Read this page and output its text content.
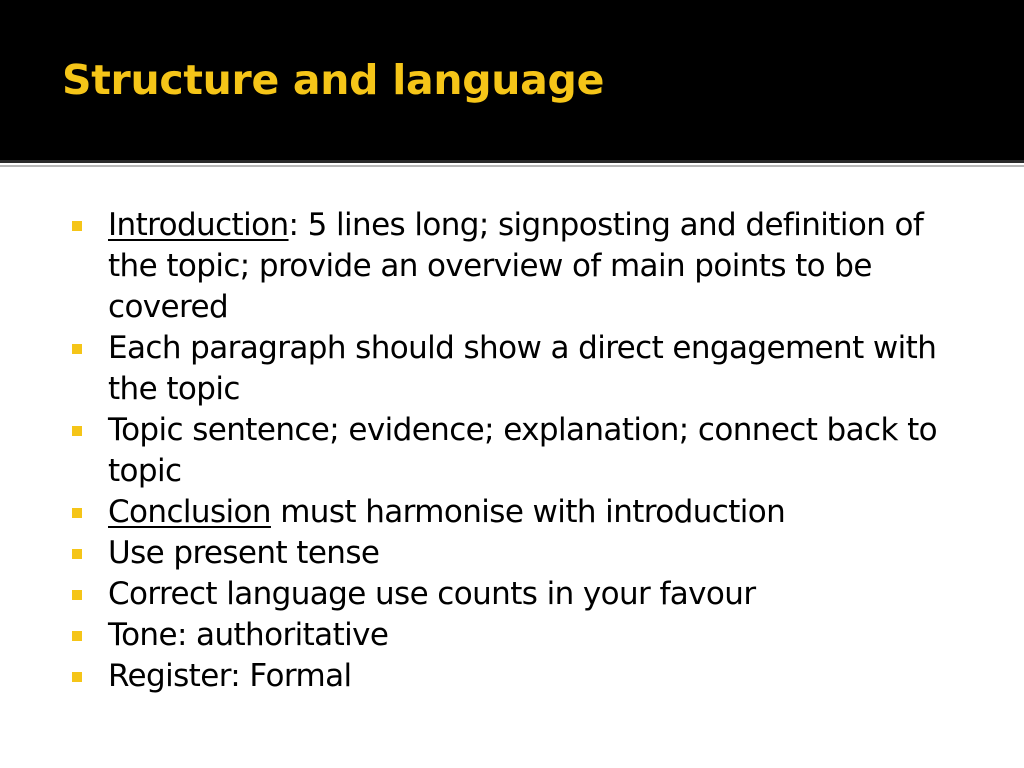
Structure and language
Introduction: 5 lines long; signposting and definition of the topic; provide an overview of main points to be covered
Each paragraph should show a direct engagement with the topic
Topic sentence; evidence; explanation; connect back to topic
Conclusion must harmonise with introduction
Use present tense
Correct language use counts in your favour
Tone: authoritative
Register: Formal
